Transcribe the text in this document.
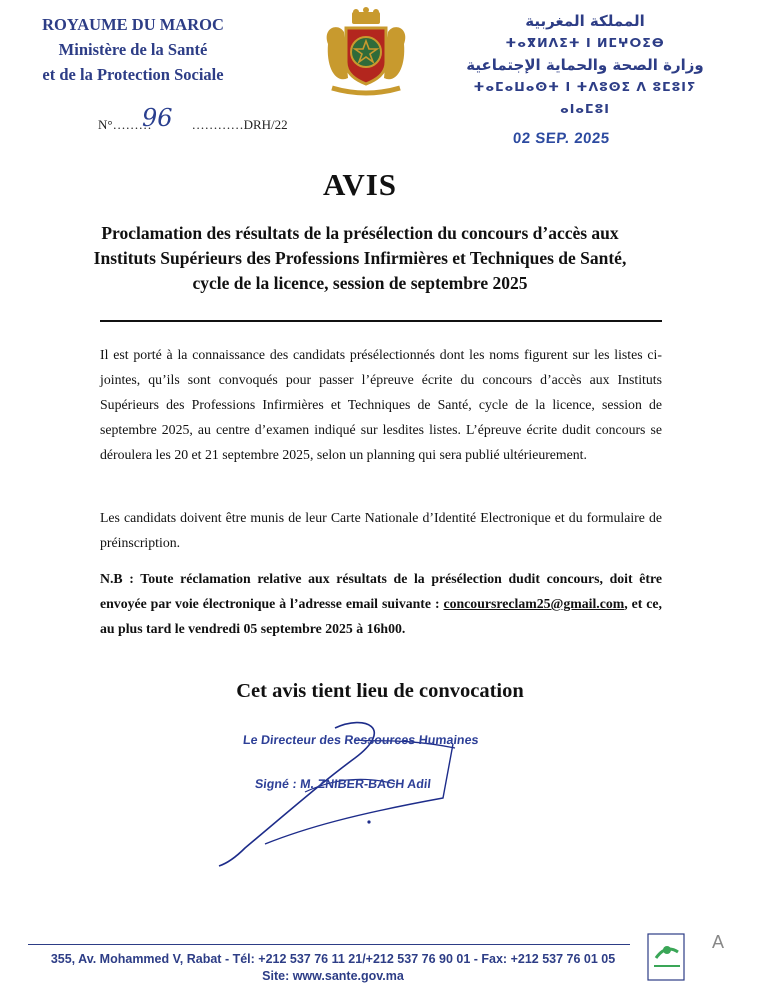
ROYAUME DU MAROC
Ministère de la Santé
et de la Protection Sociale
المملكة المغربية
ⵜⴰⴳⵍⴷⵉⵜ ⵏ ⵍⵎⵖⵔⵉⴱ
وزارة الصحة والحماية الإجتماعية
ⵜⴰⵎⴰⵡⴰⵙⵜ ⵏ ⵜⴷⵓⵙⵉ ⴷ ⵓⵎⵓⵏⵢ ⴰⵏⴰⵎⵓⵏ
N°………	…………DRH/22
96
02 SEP. 2025
AVIS
Proclamation des résultats de la présélection du concours d’accès aux Instituts Supérieurs des Professions Infirmières et Techniques de Santé, cycle de la licence, session de septembre 2025
Il est porté à la connaissance des candidats présélectionnés dont les noms figurent sur les listes ci-jointes, qu’ils sont convoqués pour passer l’épreuve écrite du concours d’accès aux Instituts Supérieurs des Professions Infirmières et Techniques de Santé, cycle de la licence, session de septembre 2025, au centre d’examen indiqué sur lesdites listes. L’épreuve écrite dudit concours se déroulera les 20 et 21 septembre 2025, selon un planning qui sera publié ultérieurement.
Les candidats doivent être munis de leur Carte Nationale d’Identité Electronique et du formulaire de préinscription.
N.B : Toute réclamation relative aux résultats de la présélection dudit concours, doit être envoyée par voie électronique à l’adresse email suivante : concoursreclam25@gmail.com, et ce, au plus tard le vendredi 05 septembre 2025 à 16h00.
Cet avis tient lieu de convocation
Le Directeur des Ressources Humaines
Signé : M. ZNIBER-BACH Adil
355, Av. Mohammed V, Rabat - Tél: +212 537 76 11 21/+212 537 76 90 01 - Fax: +212 537 76 01 05
Site: www.sante.gov.ma
A
